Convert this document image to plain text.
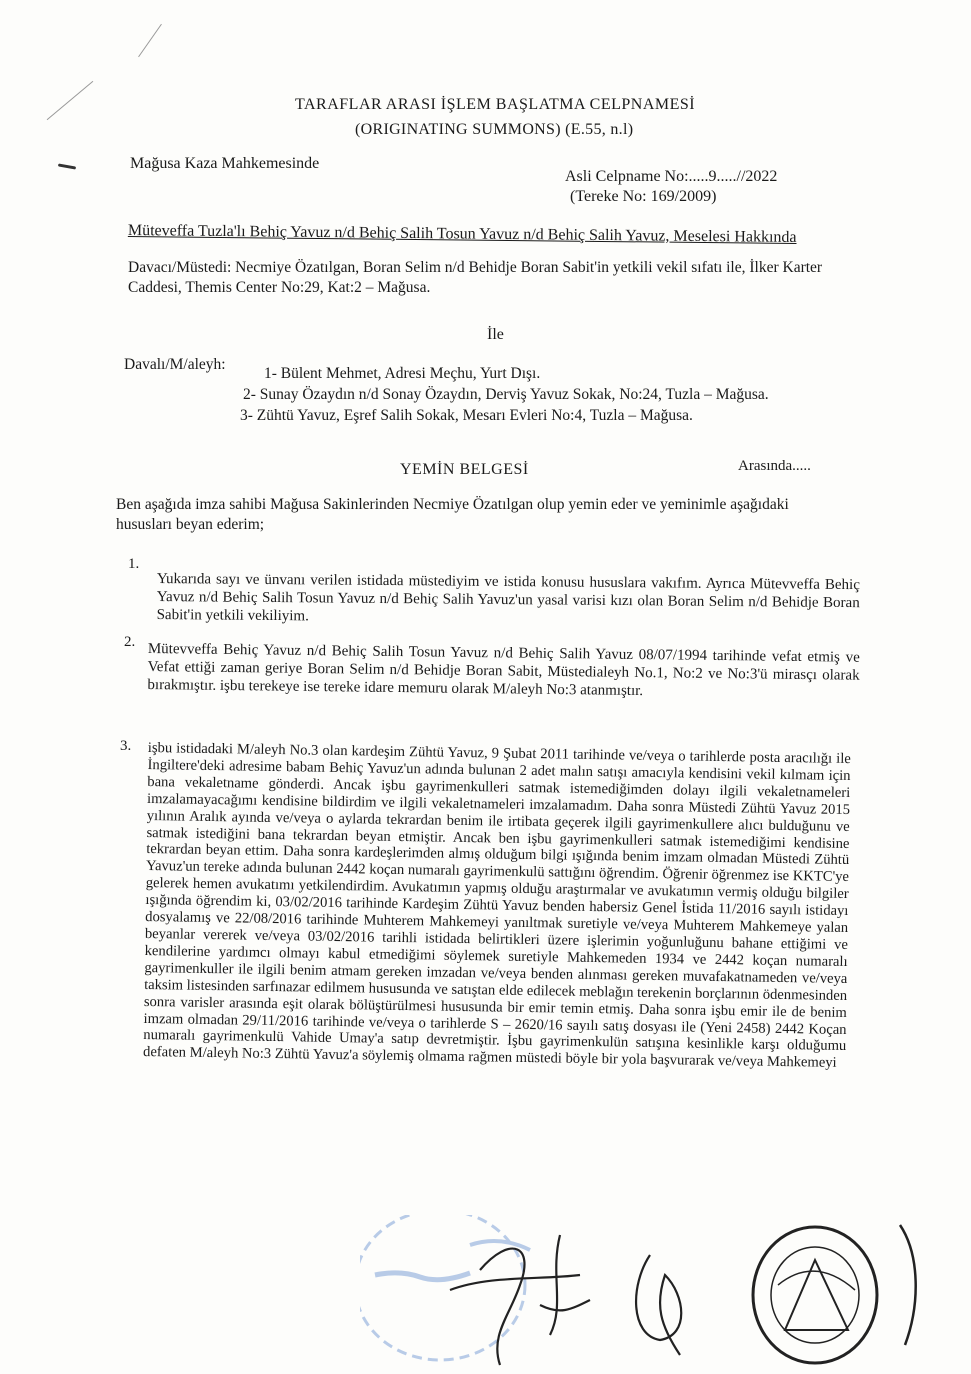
TARAFLAR ARASI İŞLEM BAŞLATMA CELPNAMESİ
(ORIGINATING SUMMONS) (E.55, n.l)
Mağusa Kaza Mahkemesinde
Asli Celpname No:.....9.....//2022
(Tereke No: 169/2009)
Müteveffa Tuzla'lı Behiç Yavuz n/d Behiç Salih Tosun Yavuz n/d Behiç Salih Yavuz, Meselesi Hakkında
Davacı/Müstedi: Necmiye Özatılgan, Boran Selim n/d Behidje Boran Sabit'in yetkili vekil sıfatı ile, İlker Karter Caddesi, Themis Center No:29, Kat:2 – Mağusa.
İle
Davalı/M/aleyh:
1- Bülent Mehmet, Adresi Meçhu, Yurt Dışı.
2- Sunay Özaydın n/d Sonay Özaydın, Derviş Yavuz Sokak, No:24, Tuzla – Mağusa.
3- Zühtü Yavuz, Eşref Salih Sokak, Mesarı Evleri No:4, Tuzla – Mağusa.
YEMİN BELGESİ	Arasında.....
Ben aşağıda imza sahibi Mağusa Sakinlerinden Necmiye Özatılgan olup yemin eder ve yeminimle aşağıdaki hususları beyan ederim;
1.
Yukarıda sayı ve ünvanı verilen istidada müstediyim ve istida konusu hususlara vakıfım. Ayrıca Mütevveffa Behiç Yavuz n/d Behiç Salih Tosun Yavuz n/d Behiç Salih Yavuz'un yasal varisi kızı olan Boran Selim n/d Behidje Boran Sabit'in yetkili vekiliyim.
2. Mütevveffa Behiç Yavuz n/d Behiç Salih Tosun Yavuz n/d Behiç Salih Yavuz 08/07/1994 tarihinde vefat etmiş ve Vefat ettiği zaman geriye Boran Selim n/d Behidje Boran Sabit, Müstedialeyh No.1, No:2 ve No:3'ü mirasçı olarak bırakmıştır. işbu terekeye ise tereke idare memuru olarak M/aleyh No:3 atanmıştır.
3.	işbu istidadaki M/aleyh No.3 olan kardeşim Zühtü Yavuz, 9 Şubat 2011 tarihinde ve/veya o tarihlerde posta aracılığı ile İngiltere'deki adresime babam Behiç Yavuz'un adında bulunan 2 adet malın satışı amacıyla kendisini vekil kılmam için bana vekaletname gönderdi. Ancak işbu gayrimenkulleri satmak istemediğimden dolayı ilgili vekaletnameleri imzalamayacağımı kendisine bildirdim ve ilgili vekaletnameleri imzalamadım. Daha sonra Müstedi Zühtü Yavuz 2015 yılının Aralık ayında ve/veya o aylarda tekrardan benim ile irtibata geçerek ilgili gayrimenkullere alıcı bulduğunu ve satmak istediğini bana tekrardan beyan etmiştir. Ancak ben işbu gayrimenkulleri satmak istemediğimi kendisine tekrardan beyan ettim. Daha sonra kardeşlerimden almış olduğum bilgi ışığında benim imzam olmadan Müstedi Zühtü Yavuz'un tereke adında bulunan 2442 koçan numaralı gayrimenkulü sattığını öğrendim. Öğrenir öğrenmez ise KKTC'ye gelerek hemen avukatımı yetkilendirdim. Avukatımın yapmış olduğu araştırmalar ve avukatımın vermiş olduğu bilgiler ışığında öğrendim ki, 03/02/2016 tarihinde Kardeşim Zühtü Yavuz benden habersiz Genel İstida 11/2016 sayılı istidayı dosyalamış ve 22/08/2016 tarihinde Muhterem Mahkemeyi yanıltmak suretiyle ve/veya Muhterem Mahkemeye yalan beyanlar vererek ve/veya 03/02/2016 tarihli istidada belirtikleri üzere işlerimin yoğunluğunu bahane ettiğimi ve kendilerine yardımcı olmayı kabul etmediğimi söylemek suretiyle Mahkemeden 1934 ve 2442 koçan numaralı gayrimenkuller ile ilgili benim atmam gereken imzadan ve/veya benden alınması gereken muvafakatnameden ve/veya taksim listesinden sarfınazar edilmem hususunda ve satıştan elde edilecek meblağın terekenin borçlarının ödenmesinden sonra varisler arasında eşit olarak bölüştürülmesi hususunda bir emir temin etmiş. Daha sonra işbu emir ile de benim imzam olmadan 29/11/2016 tarihinde ve/veya o tarihlerde S – 2620/16 sayılı satış dosyası ile (Yeni 2458) 2442 Koçan numaralı gayrimenkulü Vahide Umay'a satıp devretmiştir. İşbu gayrimenkulün satışına kesinlikle karşı olduğumu defaten M/aleyh No:3 Zühtü Yavuz'a söylemiş olmama rağmen müstedi böyle bir yola başvurarak ve/veya Mahkemeyi
